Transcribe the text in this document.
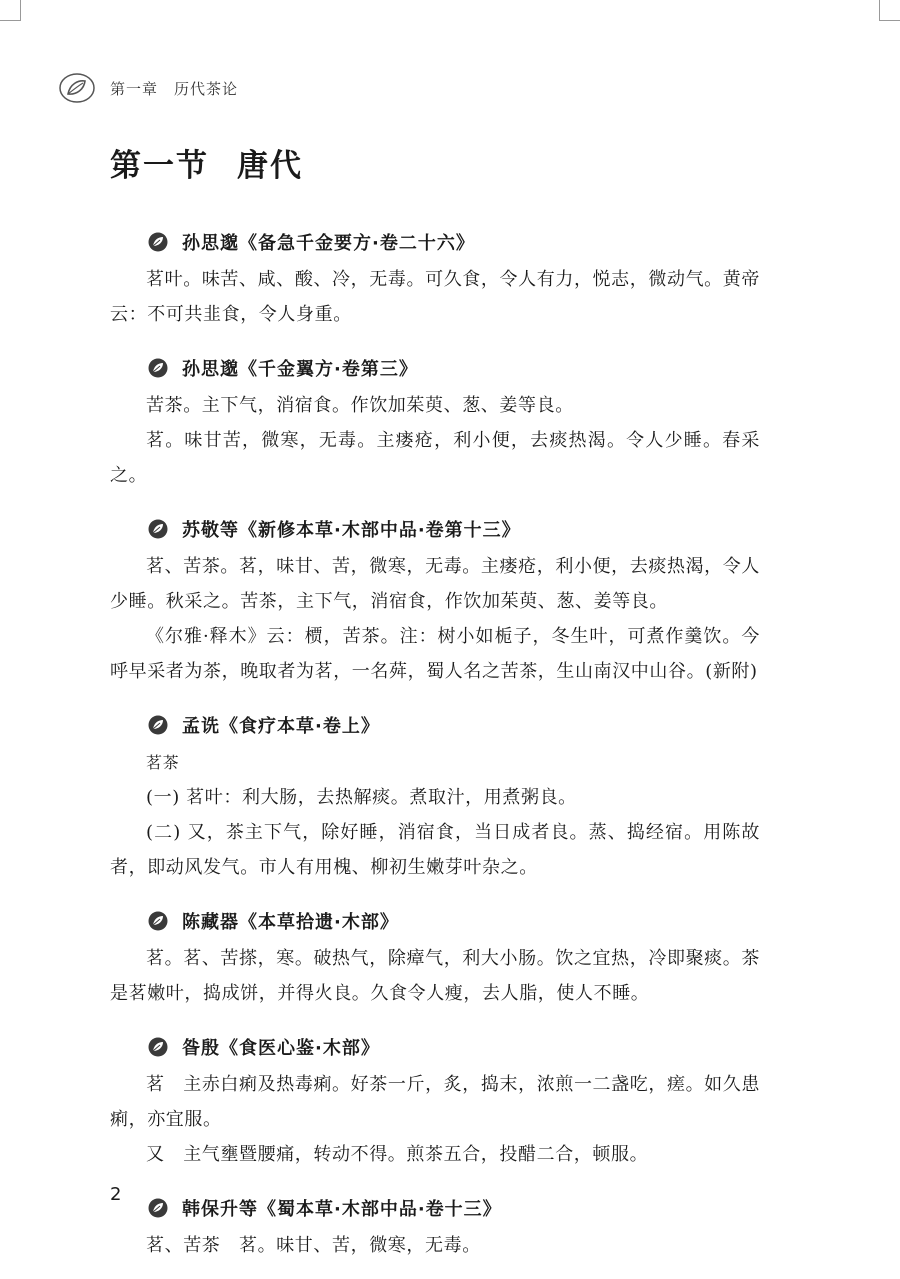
第一章 历代茶论
第一节 唐代
孙思邈《备急千金要方·卷二十六》

茗叶。味苦、咸、酸、冷，无毒。可久食，令人有力，悦志，微动气。黄帝云：不可共韭食，令人身重。

孙思邈《千金翼方·卷第三》

苦茶。主下气，消宿食。作饮加茱萸、葱、姜等良。

茗。味甘苦，微寒，无毒。主瘘疮，利小便，去痰热渴。令人少睡。春采之。

苏敬等《新修本草·木部中品·卷第十三》

茗、苦茶。茗，味甘、苦，微寒，无毒。主瘘疮，利小便，去痰热渴，令人少睡。秋采之。苦茶，主下气，消宿食，作饮加茱萸、葱、姜等良。

《尔雅·释木》云：槚，苦茶。注：树小如栀子，冬生叶，可煮作羹饮。今呼早采者为茶，晚取者为茗，一名荈，蜀人名之苦茶，生山南汉中山谷。(新附)

孟诜《食疗本草·卷上》

茗茶

(一) 茗叶：利大肠，去热解痰。煮取汁，用煮粥良。

(二) 又，茶主下气，除好睡，消宿食，当日成者良。蒸、捣经宿。用陈故者，即动风发气。市人有用槐、柳初生嫩芽叶杂之。

陈藏器《本草拾遗·木部》

茗。茗、苦搽，寒。破热气，除瘴气，利大小肠。饮之宜热，冷即聚痰。茶是茗嫩叶，捣成饼，并得火良。久食令人瘦，去人脂，使人不睡。

昝殷《食医心鉴·木部》

茗　主赤白痢及热毒痢。好茶一斤，炙，捣末，浓煎一二盏吃，瘥。如久患痢，亦宜服。

又　主气壅暨腰痛，转动不得。煎茶五合，投醋二合，顿服。

韩保升等《蜀本草·木部中品·卷十三》

茗、苦茶　茗。味甘、苦，微寒，无毒。

2
